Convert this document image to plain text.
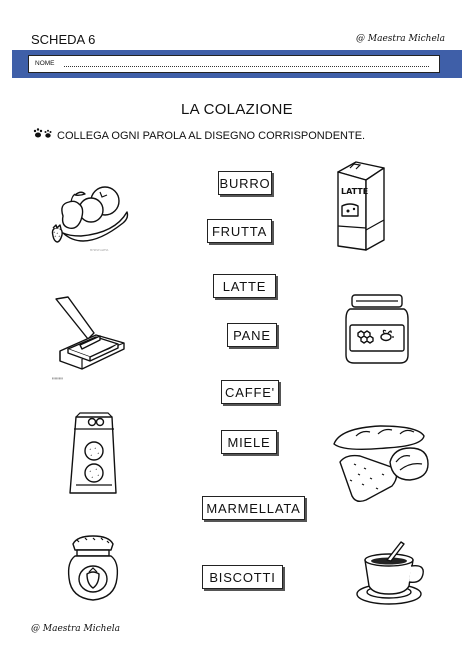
SCHEDA 6	@ Maestra Michela
NOME
LA COLAZIONE
COLLEGA OGNI PAROLA AL DISEGNO CORRISPONDENTE.
BURRO
FRUTTA
LATTE
PANE
CAFFE'
MIELE
MARMELLATA
BISCOTTI
MYSELF.ALPHA
▮▮▮▮▮▮▮▮
LATTE
@ Maestra Michela
